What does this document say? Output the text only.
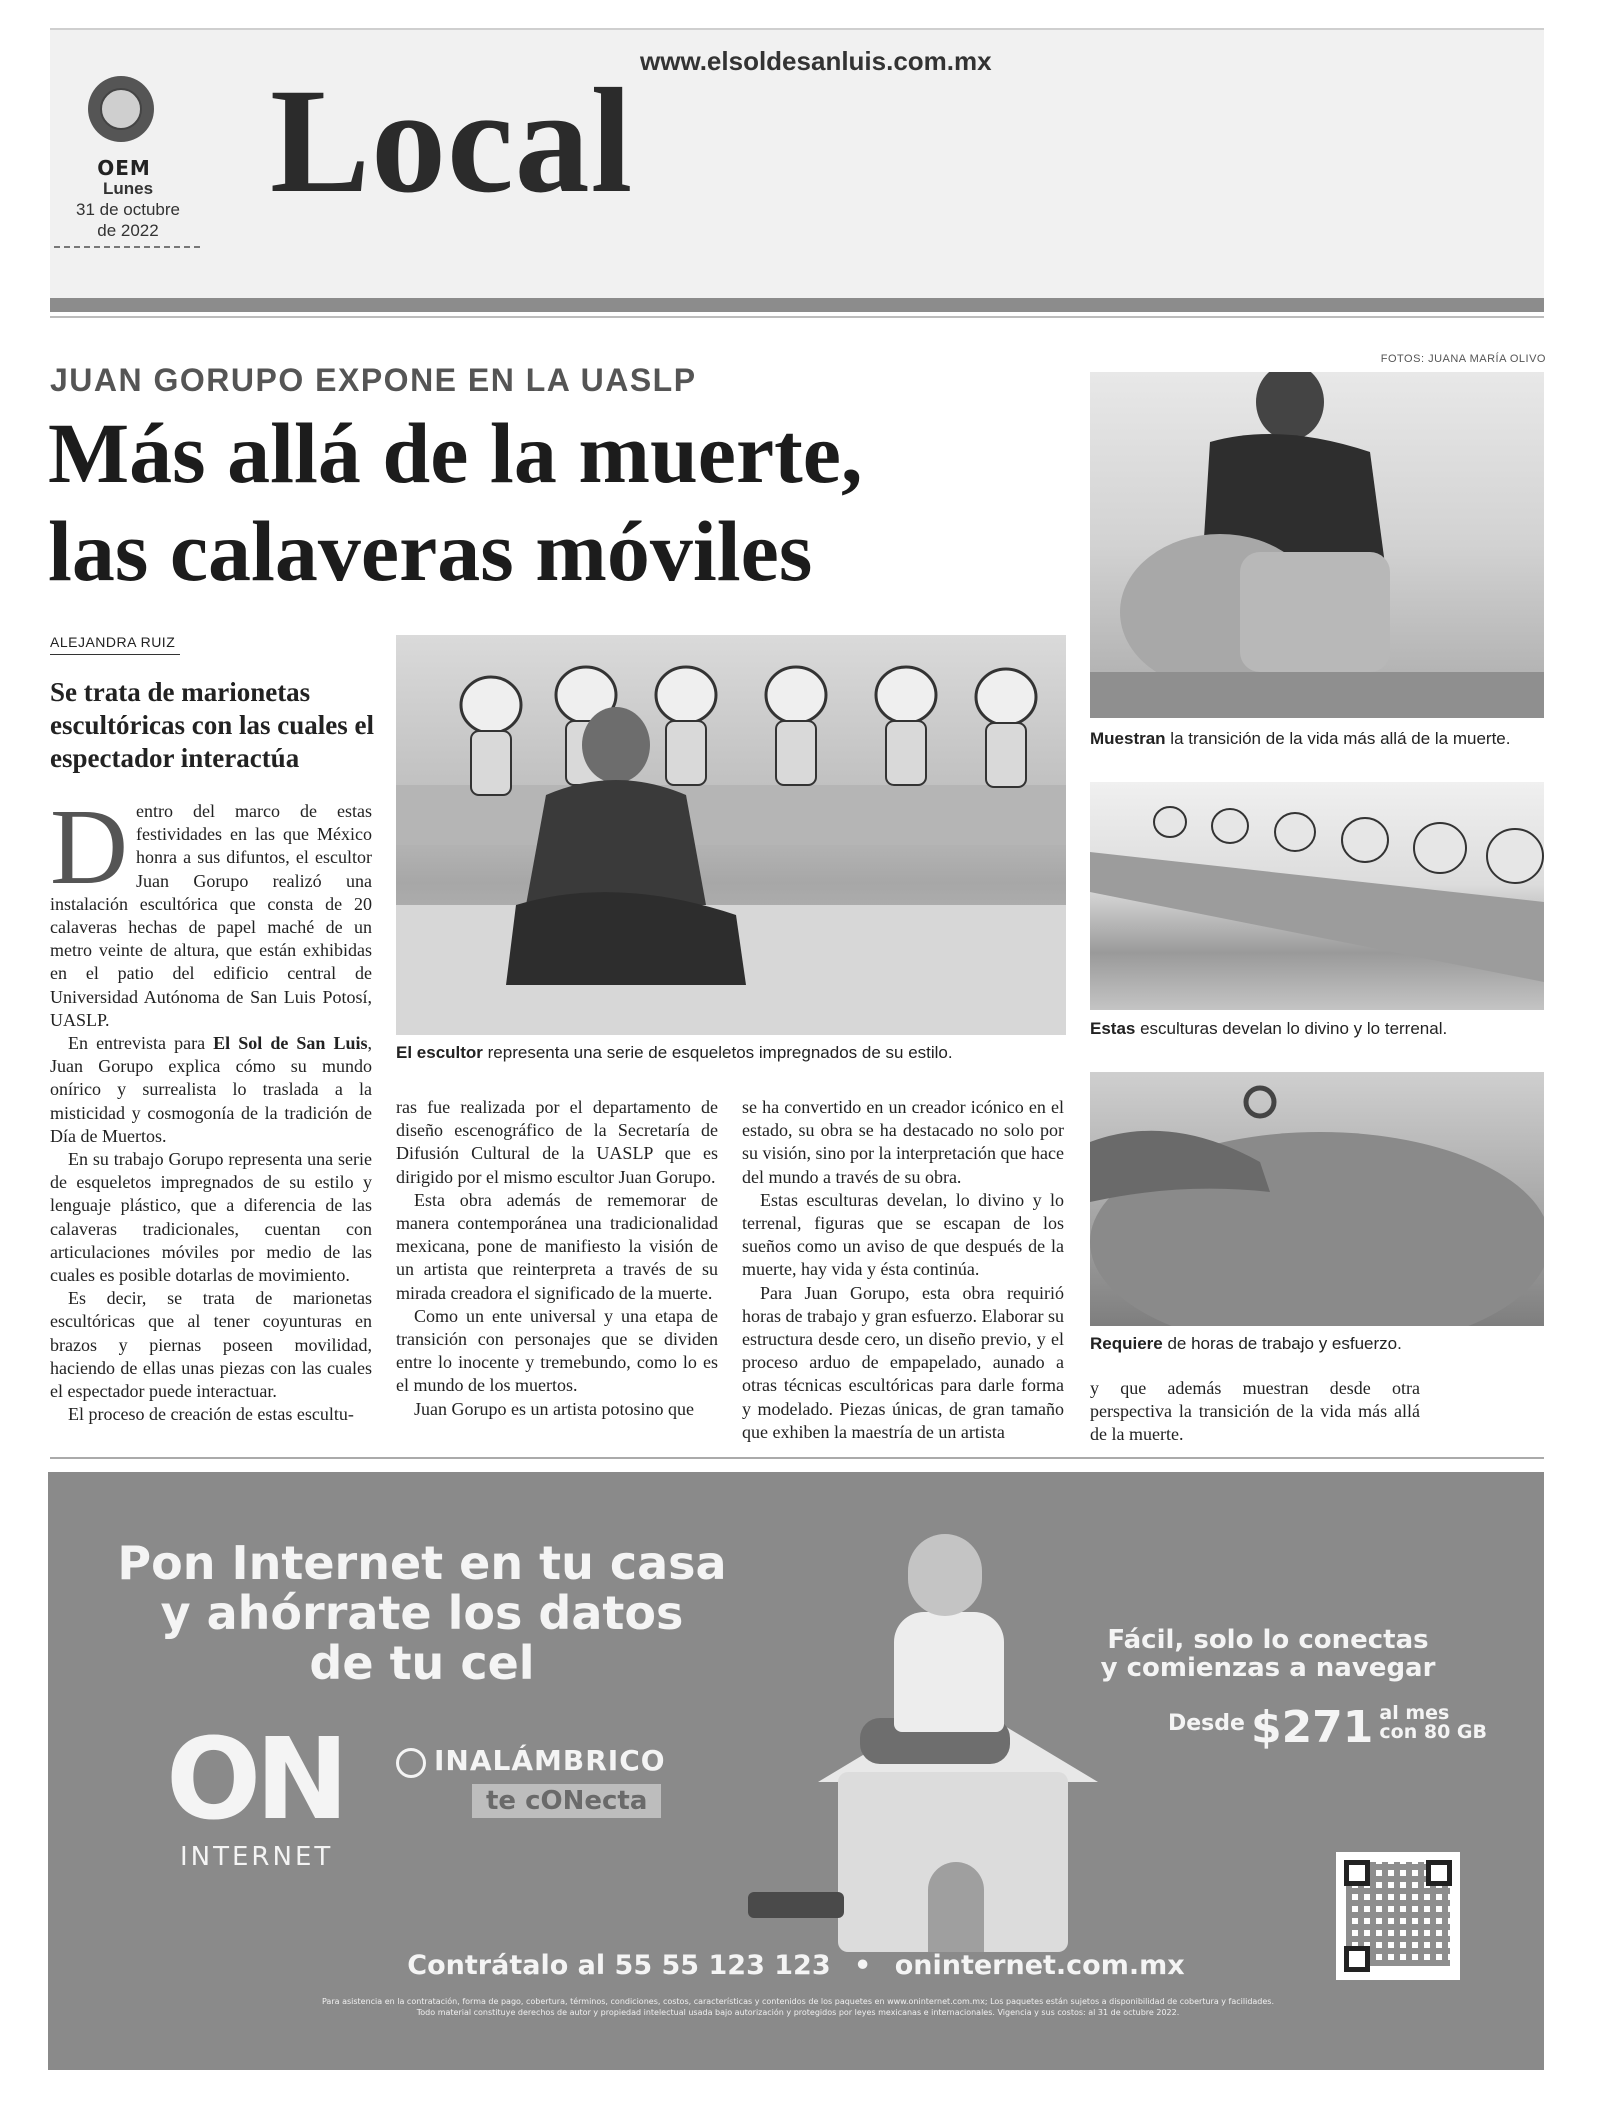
OEM
Lunes
31 de octubre
de 2022
www.elsoldesanluis.com.mx
Local
FOTOS: JUANA MARÍA OLIVO
JUAN GORUPO EXPONE EN LA UASLP
Más allá de la muerte,
las calaveras móviles
ALEJANDRA RUIZ
Se trata de marionetas escultóricas con las cuales el espectador interactúa
D entro del marco de estas festividades en las que México honra a sus difuntos, el escultor Juan Gorupo realizó una instalación escultórica que consta de 20 calaveras hechas de papel maché de un metro veinte de altura, que están exhibidas en el patio del edificio central de Universidad Autónoma de San Luis Potosí, UASLP.

En entrevista para El Sol de San Luis, Juan Gorupo explica cómo su mundo onírico y surrealista lo traslada a la misticidad y cosmogonía de la tradición de Día de Muertos.

En su trabajo Gorupo representa una serie de esqueletos impregnados de su estilo y lenguaje plástico, que a diferencia de las calaveras tradicionales, cuentan con articulaciones móviles por medio de las cuales es posible dotarlas de movimiento.

Es decir, se trata de marionetas escultóricas que al tener coyunturas en brazos y piernas poseen movilidad, haciendo de ellas unas piezas con las cuales el espectador puede interactuar.

El proceso de creación de estas escultu-

ras fue realizada por el departamento de diseño escenográfico de la Secretaría de Difusión Cultural de la UASLP que es dirigido por el mismo escultor Juan Gorupo.

Esta obra además de rememorar de manera contemporánea una tradicionalidad mexicana, pone de manifiesto la visión de un artista que reinterpreta a través de su mirada creadora el significado de la muerte.

Como un ente universal y una etapa de transición con personajes que se dividen entre lo inocente y tremebundo, como lo es el mundo de los muertos.

Juan Gorupo es un artista potosino que

se ha convertido en un creador icónico en el estado, su obra se ha destacado no solo por su visión, sino por la interpretación que hace del mundo a través de su obra.

Estas esculturas develan, lo divino y lo terrenal, figuras que se escapan de los sueños como un aviso de que después de la muerte, hay vida y ésta continúa.

Para Juan Gorupo, esta obra requirió horas de trabajo y gran esfuerzo. Elaborar su estructura desde cero, un diseño previo, y el proceso arduo de empapelado, aunado a otras técnicas escultóricas para darle forma y modelado. Piezas únicas, de gran tamaño que exhiben la maestría de un artista

y que además muestran desde otra perspectiva la transición de la vida más allá de la muerte.

El escultor representa una serie de esqueletos impregnados de su estilo.
Muestran la transición de la vida más allá de la muerte.
Estas esculturas develan lo divino y lo terrenal.
Requiere de horas de trabajo y esfuerzo.
Pon Internet en tu casa
y ahórrate los datos
de tu cel
ON
INTERNET
INALÁMBRICO
te cONecta
Fácil, solo lo conectas
y comienzas a navegar
Desde $271 al mes
con 80 GB
Contrátalo al 55 55 123 123 • oninternet.com.mx
Para asistencia en la contratación, forma de pago, cobertura, términos, condiciones, costos, características y contenidos de los paquetes en www.oninternet.com.mx; Los paquetes están sujetos a disponibilidad de cobertura y facilidades.
Todo material constituye derechos de autor y propiedad intelectual usada bajo autorización y protegidos por leyes mexicanas e internacionales. Vigencia y sus costos: al 31 de octubre 2022.
